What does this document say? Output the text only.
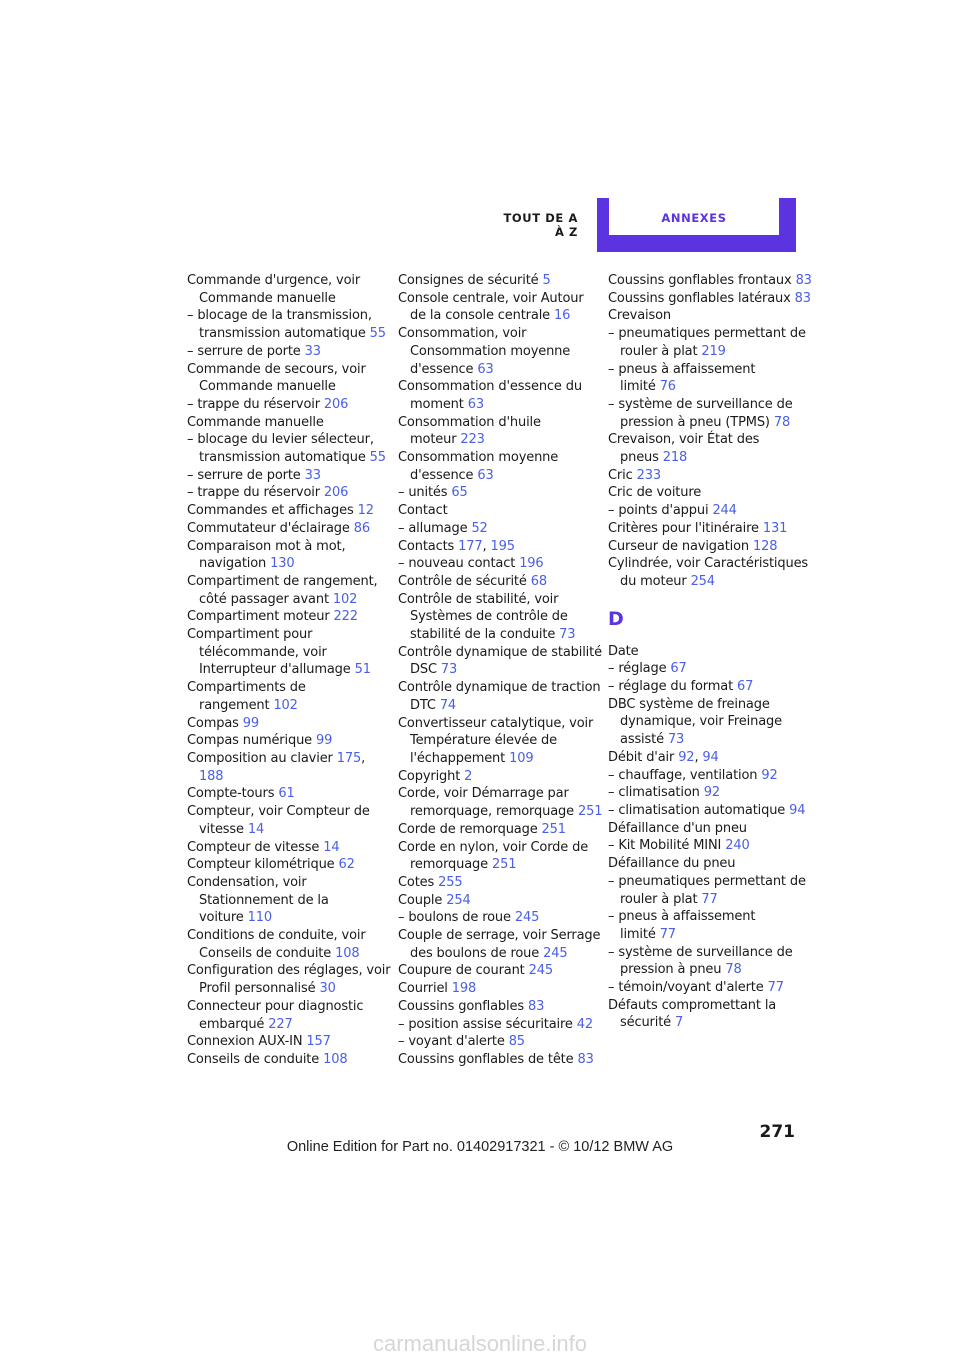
TOUT DE A À Z
ANNEXES
Commande d'urgence, voir Commande manuelle
– blocage de la transmission, transmission automatique 55
– serrure de porte 33
Commande de secours, voir Commande manuelle
– trappe du réservoir 206
Commande manuelle
– blocage du levier sélecteur, transmission automatique 55
– serrure de porte 33
– trappe du réservoir 206
Commandes et affichages 12
Commutateur d'éclairage 86
Comparaison mot à mot, navigation 130
Compartiment de rangement, côté passager avant 102
Compartiment moteur 222
Compartiment pour télécommande, voir Interrupteur d'allumage 51
Compartiments de rangement 102
Compas 99
Compas numérique 99
Composition au clavier 175, 188
Compte-tours 61
Compteur, voir Compteur de vitesse 14
Compteur de vitesse 14
Compteur kilométrique 62
Condensation, voir Stationnement de la voiture 110
Conditions de conduite, voir Conseils de conduite 108
Configuration des réglages, voir Profil personnalisé 30
Connecteur pour diagnostic embarqué 227
Connexion AUX-IN 157
Conseils de conduite 108
Consignes de sécurité 5
Console centrale, voir Autour de la console centrale 16
Consommation, voir Consommation moyenne d'essence 63
Consommation d'essence du moment 63
Consommation d'huile moteur 223
Consommation moyenne d'essence 63
– unités 65
Contact
– allumage 52
Contacts 177, 195
– nouveau contact 196
Contrôle de sécurité 68
Contrôle de stabilité, voir Systèmes de contrôle de stabilité de la conduite 73
Contrôle dynamique de stabilité DSC 73
Contrôle dynamique de traction DTC 74
Convertisseur catalytique, voir Température élevée de l'échappement 109
Copyright 2
Corde, voir Démarrage par remorquage, remorquage 251
Corde de remorquage 251
Corde en nylon, voir Corde de remorquage 251
Cotes 255
Couple 254
– boulons de roue 245
Couple de serrage, voir Serrage des boulons de roue 245
Coupure de courant 245
Courriel 198
Coussins gonflables 83
– position assise sécuritaire 42
– voyant d'alerte 85
Coussins gonflables de tête 83
Coussins gonflables frontaux 83
Coussins gonflables latéraux 83
Crevaison
– pneumatiques permettant de rouler à plat 219
– pneus à affaissement limité 76
– système de surveillance de pression à pneu (TPMS) 78
Crevaison, voir État des pneus 218
Cric 233
Cric de voiture
– points d'appui 244
Critères pour l'itinéraire 131
Curseur de navigation 128
Cylindrée, voir Caractéristiques du moteur 254
D
Date
– réglage 67
– réglage du format 67
DBC système de freinage dynamique, voir Freinage assisté 73
Débit d'air 92, 94
– chauffage, ventilation 92
– climatisation 92
– climatisation automatique 94
Défaillance d'un pneu
– Kit Mobilité MINI 240
Défaillance du pneu
– pneumatiques permettant de rouler à plat 77
– pneus à affaissement limité 77
– système de surveillance de pression à pneu 78
– témoin/voyant d'alerte 77
Défauts compromettant la sécurité 7
271
Online Edition for Part no. 01402917321 - © 10/12 BMW AG
carmanualsonline.info
